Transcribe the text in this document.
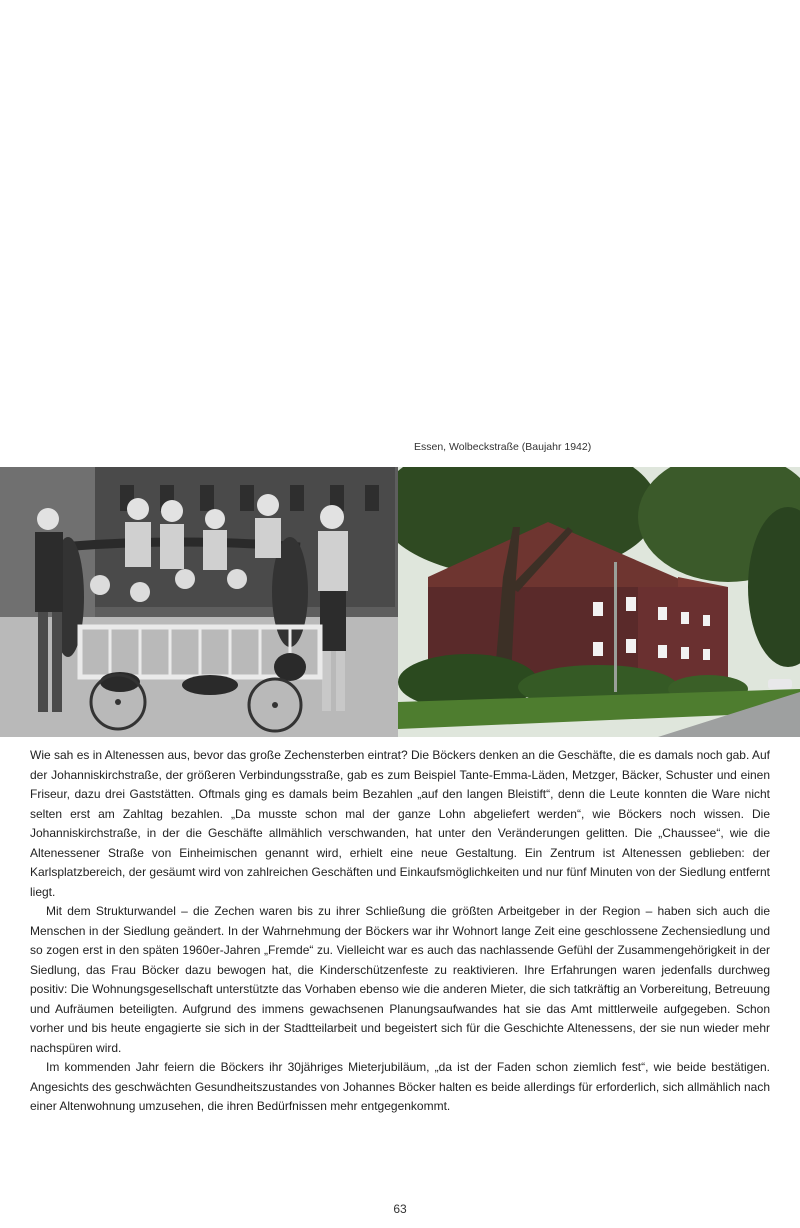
Essen, Wolbeckstraße (Baujahr 1942)

Wie sah es in Altenessen aus, bevor das große Zechensterben eintrat? Die Böckers denken an die Geschäfte, die es damals noch gab. Auf der Johanniskirchstraße, der größeren Verbindungsstraße, gab es zum Beispiel Tante-Emma-Läden, Metzger, Bäcker, Schuster und einen Friseur, dazu drei Gaststätten. Oftmals ging es damals beim Bezahlen „auf den langen Bleistift“, denn die Leute konnten die Ware nicht selten erst am Zahltag bezahlen. „Da musste schon mal der ganze Lohn abgeliefert werden“, wie Böckers noch wissen. Die Johanniskirchstraße, in der die Geschäfte allmählich verschwanden, hat unter den Veränderungen gelitten. Die „Chaussee“, wie die Altenessener Straße von Einheimischen genannt wird, erhielt eine neue Gestaltung. Ein Zentrum ist Altenessen geblieben: der Karlsplatzbereich, der gesäumt wird von zahlreichen Geschäften und Einkaufsmöglichkeiten und nur fünf Minuten von der Siedlung entfernt liegt.

Mit dem Strukturwandel – die Zechen waren bis zu ihrer Schließung die größten Arbeitgeber in der Region – haben sich auch die Menschen in der Siedlung geändert. In der Wahrnehmung der Böckers war ihr Wohnort lange Zeit eine geschlossene Zechensiedlung und so zogen erst in den späten 1960er-Jahren „Fremde“ zu. Vielleicht war es auch das nachlassende Gefühl der Zusammengehörigkeit in der Siedlung, das Frau Böcker dazu bewogen hat, die Kinderschützenfeste zu reaktivieren. Ihre Erfahrungen waren jedenfalls durchweg positiv: Die Wohnungsgesellschaft unterstützte das Vorhaben ebenso wie die anderen Mieter, die sich tatkräftig an Vorbereitung, Betreuung und Aufräumen beteiligten. Aufgrund des immens gewachsenen Planungsaufwandes hat sie das Amt mittlerweile aufgegeben. Schon vorher und bis heute engagierte sie sich in der Stadtteilarbeit und begeistert sich für die Geschichte Altenessens, der sie nun wieder mehr nachspüren wird.

Im kommenden Jahr feiern die Böckers ihr 30jähriges Mieterjubiläum, „da ist der Faden schon ziemlich fest“, wie beide bestätigen. Angesichts des geschwächten Gesundheitszustandes von Johannes Böcker halten es beide allerdings für erforderlich, sich allmählich nach einer Altenwohnung umzusehen, die ihren Bedürfnissen mehr entgegenkommt.

63
